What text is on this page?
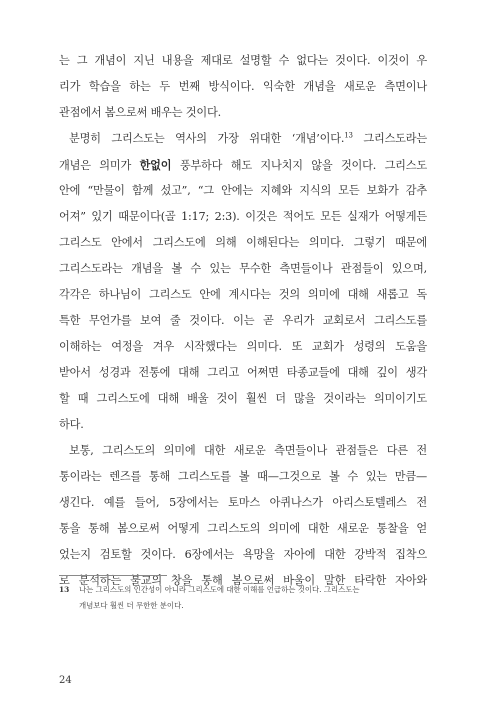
는 그 개념이 지닌 내용을 제대로 설명할 수 없다는 것이다. 이것이 우
리가 학습을 하는 두 번째 방식이다. 익숙한 개념을 새로운 측면이나
관점에서 봄으로써 배우는 것이다.
분명히 그리스도는 역사의 가장 위대한 ‘개념’이다.$^{13}$ 그리스도라는
개념은 의미가 한없이 풍부하다 해도 지나치지 않을 것이다. 그리스도
안에 “만물이 함께 섰고”, “그 안에는 지혜와 지식의 모든 보화가 감추
어져” 있기 때문이다(골 1:17; 2:3). 이것은 적어도 모든 실재가 어떻게든
그리스도 안에서 그리스도에 의해 이해된다는 의미다. 그렇기 때문에
그리스도라는 개념을 볼 수 있는 무수한 측면들이나 관점들이 있으며,
각각은 하나님이 그리스도 안에 계시다는 것의 의미에 대해 새롭고 독
특한 무언가를 보여 줄 것이다. 이는 곧 우리가 교회로서 그리스도를
이해하는 여정을 겨우 시작했다는 의미다. 또 교회가 성령의 도움을
받아서 성경과 전통에 대해 그리고 어쩌면 타종교들에 대해 깊이 생각
할 때 그리스도에 대해 배울 것이 훨씬 더 많을 것이라는 의미이기도
하다.
보통, 그리스도의 의미에 대한 새로운 측면들이나 관점들은 다른 전
통이라는 렌즈를 통해 그리스도를 볼 때—그것으로 볼 수 있는 만큼—
생긴다. 예를 들어, 5장에서는 토마스 아퀴나스가 아리스토텔레스 전
통을 통해 봄으로써 어떻게 그리스도의 의미에 대한 새로운 통찰을 얻
었는지 검토할 것이다. 6장에서는 욕망을 자아에 대한 강박적 집착으
로 분석하는 불교의 창을 통해 봄으로써 바울이 말한 타락한 자아와
13	나는 그리스도의 인간성이 아니라 그리스도에 대한 이해를 언급하는 것이다. 그리스도는
개념보다 훨씬 더 무한한 분이다.
24
